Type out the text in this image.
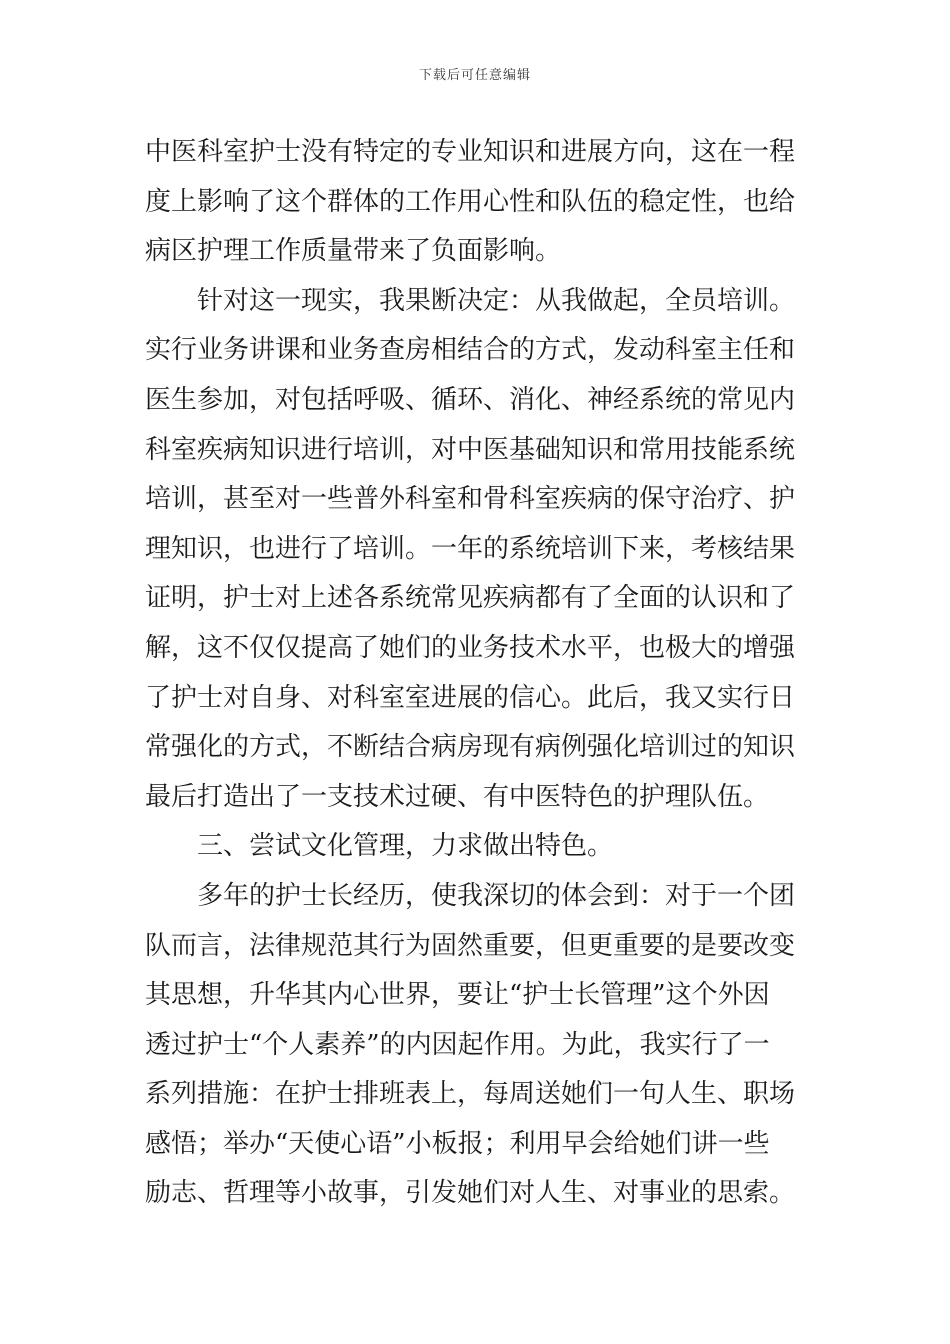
下载后可任意编辑
中医科室护士没有特定的专业知识和进展方向，这在一程
度上影响了这个群体的工作用心性和队伍的稳定性，也给
病区护理工作质量带来了负面影响。
针对这一现实，我果断决定：从我做起，全员培训。
实行业务讲课和业务查房相结合的方式，发动科室主任和
医生参加，对包括呼吸、循环、消化、神经系统的常见内
科室疾病知识进行培训，对中医基础知识和常用技能系统
培训，甚至对一些普外科室和骨科室疾病的保守治疗、护
理知识，也进行了培训。一年的系统培训下来，考核结果
证明，护士对上述各系统常见疾病都有了全面的认识和了
解，这不仅仅提高了她们的业务技术水平，也极大的增强
了护士对自身、对科室室进展的信心。此后，我又实行日
常强化的方式，不断结合病房现有病例强化培训过的知识
最后打造出了一支技术过硬、有中医特色的护理队伍。
三、尝试文化管理，力求做出特色。
多年的护士长经历，使我深切的体会到：对于一个团
队而言，法律规范其行为固然重要，但更重要的是要改变
其思想，升华其内心世界，要让“护士长管理”这个外因
透过护士“个人素养”的内因起作用。为此，我实行了一
系列措施：在护士排班表上，每周送她们一句人生、职场
感悟；举办“天使心语”小板报；利用早会给她们讲一些
励志、哲理等小故事，引发她们对人生、对事业的思索。
